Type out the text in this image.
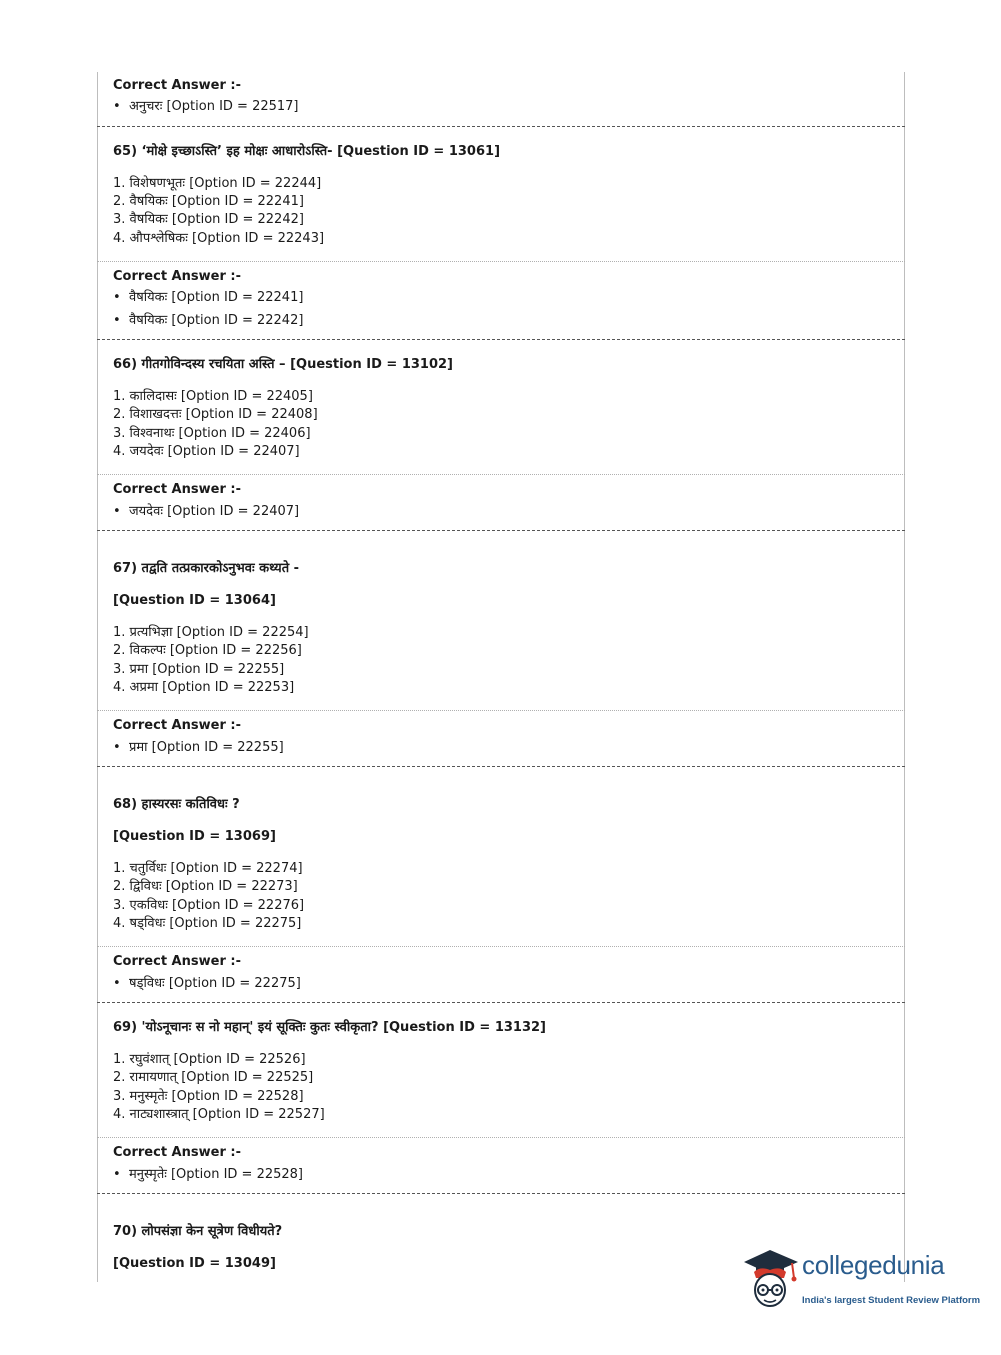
Correct Answer :-
• अनुचरः [Option ID = 22517]
65) ‘मोक्षे इच्छाऽस्ति’ इह मोक्षः आधारोऽस्ति- [Question ID = 13061]
1. विशेषणभूतः [Option ID = 22244]
2. वैषयिकः [Option ID = 22241]
3. वैषयिकः [Option ID = 22242]
4. औपश्लेषिकः [Option ID = 22243]
Correct Answer :-
• वैषयिकः [Option ID = 22241]
• वैषयिकः [Option ID = 22242]
66) गीतगोविन्दस्य रचयिता अस्ति – [Question ID = 13102]
1. कालिदासः [Option ID = 22405]
2. विशाखदत्तः [Option ID = 22408]
3. विश्वनाथः [Option ID = 22406]
4. जयदेवः [Option ID = 22407]
Correct Answer :-
• जयदेवः [Option ID = 22407]
67) तद्वति तत्प्रकारकोऽनुभवः कथ्यते -
[Question ID = 13064]
1. प्रत्यभिज्ञा [Option ID = 22254]
2. विकल्पः [Option ID = 22256]
3. प्रमा [Option ID = 22255]
4. अप्रमा [Option ID = 22253]
Correct Answer :-
• प्रमा [Option ID = 22255]
68) हास्यरसः कतिविधः ?
[Question ID = 13069]
1. चतुर्विधः [Option ID = 22274]
2. द्विविधः [Option ID = 22273]
3. एकविधः [Option ID = 22276]
4. षड्विधः [Option ID = 22275]
Correct Answer :-
• षड्विधः [Option ID = 22275]
69) 'योऽनूचानः स नो महान्' इयं सूक्तिः कुतः स्वीकृता? [Question ID = 13132]
1. रघुवंशात् [Option ID = 22526]
2. रामायणात् [Option ID = 22525]
3. मनुस्मृतेः [Option ID = 22528]
4. नाट्यशास्त्रात् [Option ID = 22527]
Correct Answer :-
• मनुस्मृतेः [Option ID = 22528]
70) लोपसंज्ञा केन सूत्रेण विधीयते?
[Question ID = 13049]	collegedunia
India's largest Student Review Platform
